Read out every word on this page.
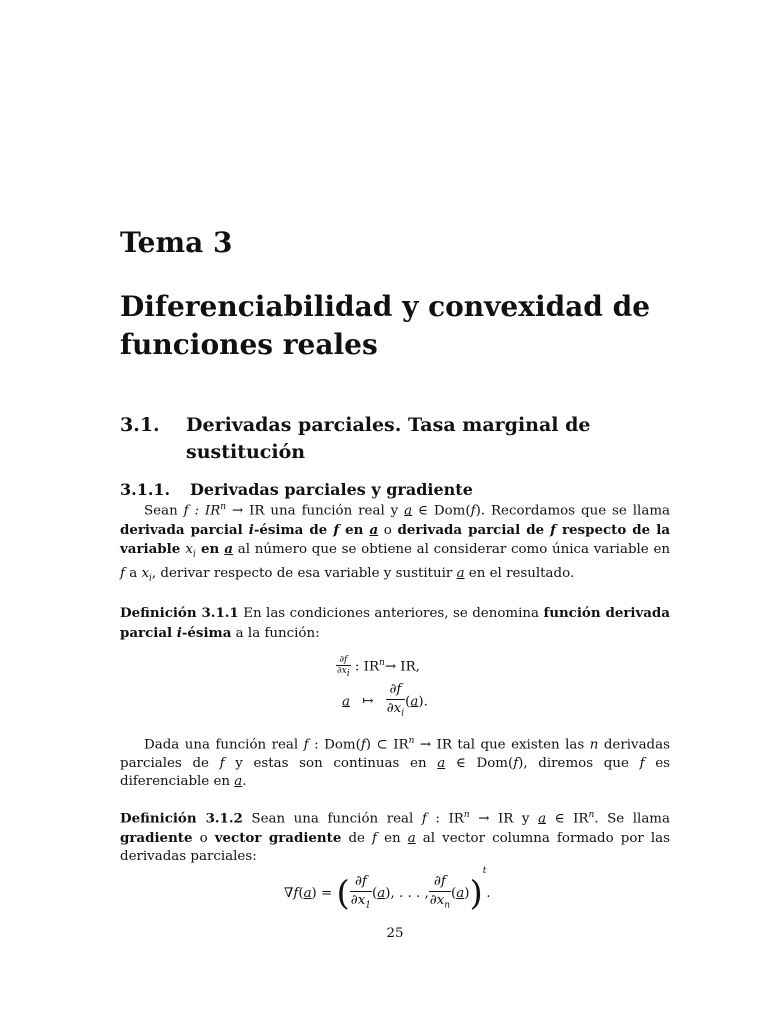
Tema 3
Diferenciabilidad y convexidad de funciones reales
3.1.	Derivadas parciales. Tasa marginal de sustitución
3.1.1.	Derivadas parciales y gradiente

Sean f : $IR^n$ → IR una función real y a ∈ Dom(f). Recordamos que se llama derivada parcial i-ésima de f en a o derivada parcial de f respecto de la variable $x_i$ en a al número que se obtiene al considerar como única variable en f a $x_i$, derivar respecto de esa variable y sustituir a en el resultado.

Definición 3.1.1 En las condiciones anteriores, se denomina función derivada parcial i-ésima a la función:

$\frac{\partial f}{\partial x_i}$ : $IR^n\to$ IR,
a ↦ $\frac{\partial f}{\partial x_i} (a)$.

Dada una función real f : Dom(f) ⊂ $IR^n$ → IR tal que existen las n derivadas parciales de f y estas son continuas en a ∈ Dom(f), diremos que f es diferenciable en a.

Definición 3.1.2 Sean una función real f : $IR^n$ → IR y a ∈ $IR^n$. Se llama gradiente o vector gradiente de f en a al vector columna formado por las derivadas parciales:

∇f(a) = ( $\frac{\partial f}{\partial x_1} (a)$, . . . , $\frac{\partial f}{\partial x_n} (a))^t$.
25
